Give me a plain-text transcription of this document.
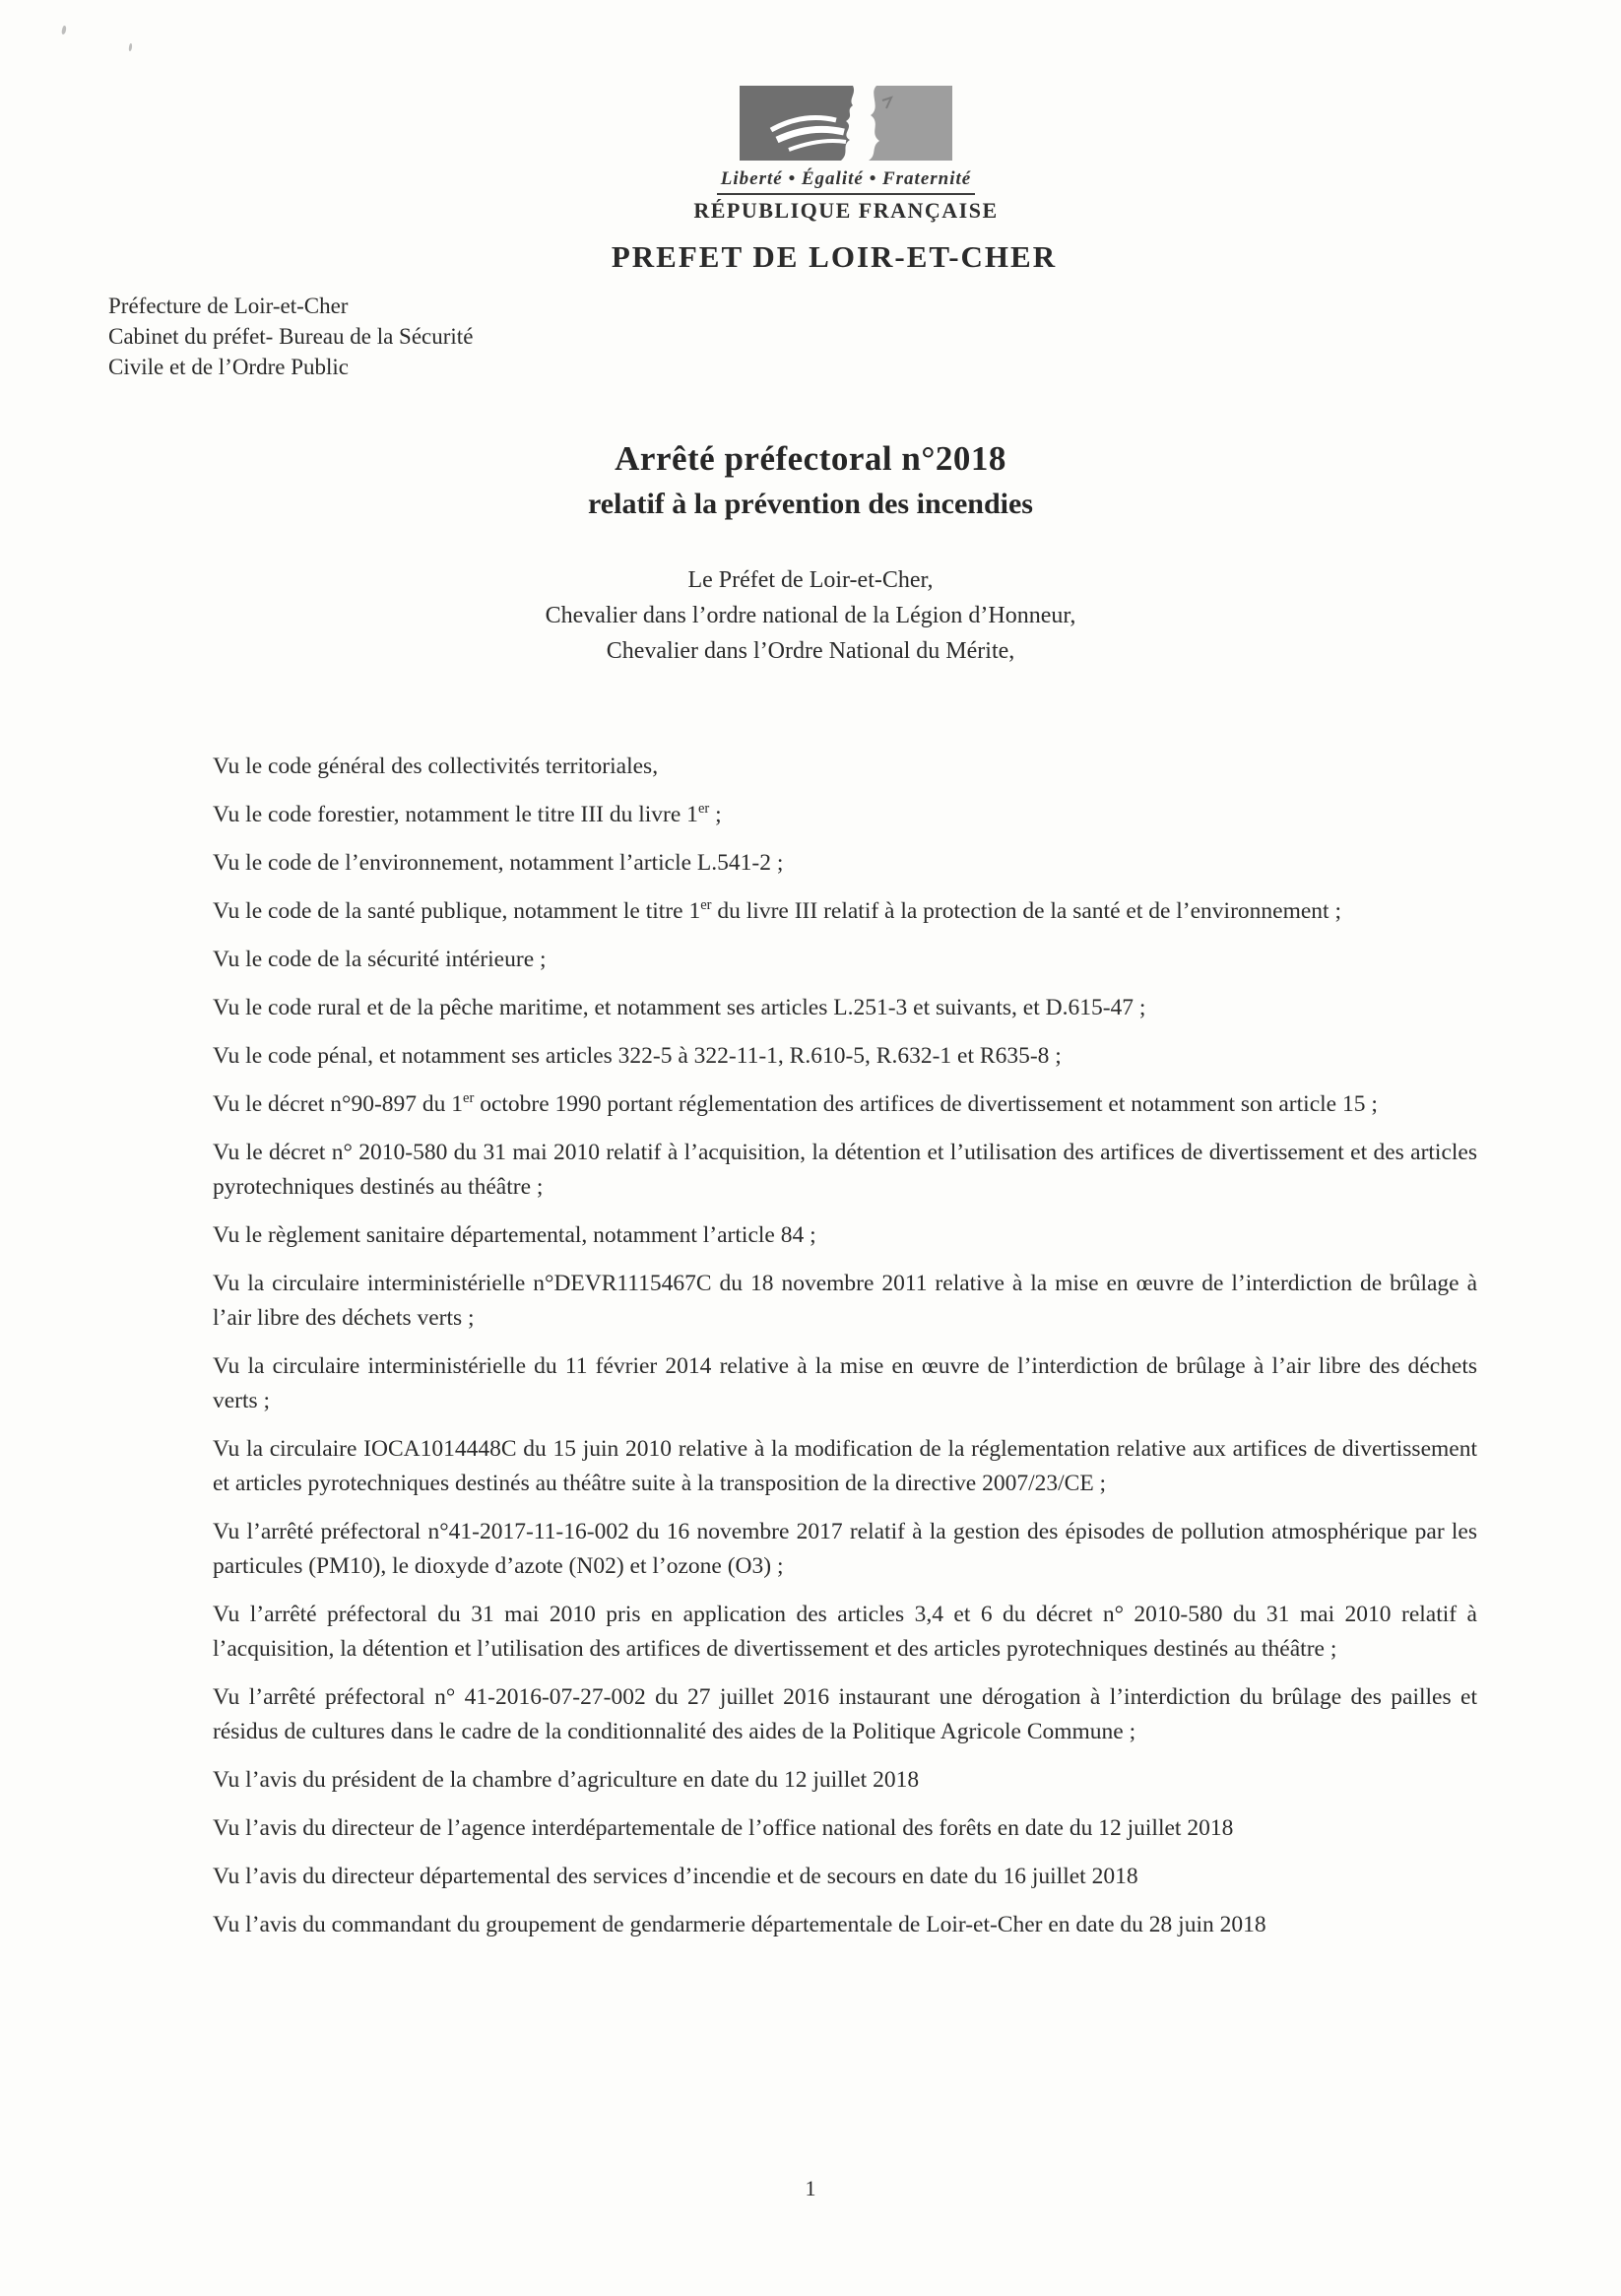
Liberté • Égalité • Fraternité
RÉPUBLIQUE FRANÇAISE
PREFET DE LOIR-ET-CHER
Préfecture de Loir-et-Cher
Cabinet du préfet- Bureau de la Sécurité
Civile et de l’Ordre Public
Arrêté préfectoral n°2018
relatif à la prévention des incendies
Le Préfet de Loir-et-Cher,
Chevalier dans l’ordre national de la Légion d’Honneur,
Chevalier dans l’Ordre National du Mérite,

Vu le code général des collectivités territoriales,

Vu le code forestier, notamment le titre III du livre 1er ;

Vu le code de l’environnement, notamment l’article L.541-2 ;

Vu le code de la santé publique, notamment le titre 1er du livre III relatif à la protection de la santé et de l’environnement ;

Vu le code de la sécurité intérieure ;

Vu le code rural et de la pêche maritime, et notamment ses articles L.251-3 et suivants, et D.615-47 ;

Vu le code pénal, et notamment ses articles 322-5 à 322-11-1, R.610-5, R.632-1 et R635-8 ;

Vu le décret n°90-897 du 1er octobre 1990 portant réglementation des artifices de divertissement et notamment son article 15 ;

Vu le décret n° 2010-580 du 31 mai 2010 relatif à l’acquisition, la détention et l’utilisation des artifices de divertissement et des articles pyrotechniques destinés au théâtre ;

Vu le règlement sanitaire départemental, notamment l’article 84 ;

Vu la circulaire interministérielle n°DEVR1115467C du 18 novembre 2011 relative à la mise en œuvre de l’interdiction de brûlage à l’air libre des déchets verts ;

Vu la circulaire interministérielle du 11 février 2014 relative à la mise en œuvre de l’interdiction de brûlage à l’air libre des déchets verts ;

Vu la circulaire IOCA1014448C du 15 juin 2010 relative à la modification de la réglementation relative aux artifices de divertissement et articles pyrotechniques destinés au théâtre suite à la transposition de la directive 2007/23/CE ;

Vu l’arrêté préfectoral n°41-2017-11-16-002 du 16 novembre 2017 relatif à la gestion des épisodes de pollution atmosphérique par les particules (PM10), le dioxyde d’azote (N02) et l’ozone (O3) ;

Vu l’arrêté préfectoral du 31 mai 2010 pris en application des articles 3,4 et 6 du décret n° 2010-580 du 31 mai 2010 relatif à l’acquisition, la détention et l’utilisation des artifices de divertissement et des articles pyrotechniques destinés au théâtre ;

Vu l’arrêté préfectoral n° 41-2016-07-27-002 du 27 juillet 2016 instaurant une dérogation à l’interdiction du brûlage des pailles et résidus de cultures dans le cadre de la conditionnalité des aides de la Politique Agricole Commune ;

Vu l’avis du président de la chambre d’agriculture en date du 12 juillet 2018

Vu l’avis du directeur de l’agence interdépartementale de l’office national des forêts en date du 12 juillet 2018

Vu l’avis du directeur départemental des services d’incendie et de secours en date du 16 juillet 2018

Vu l’avis du commandant du groupement de gendarmerie départementale de Loir-et-Cher en date du 28 juin 2018

1
